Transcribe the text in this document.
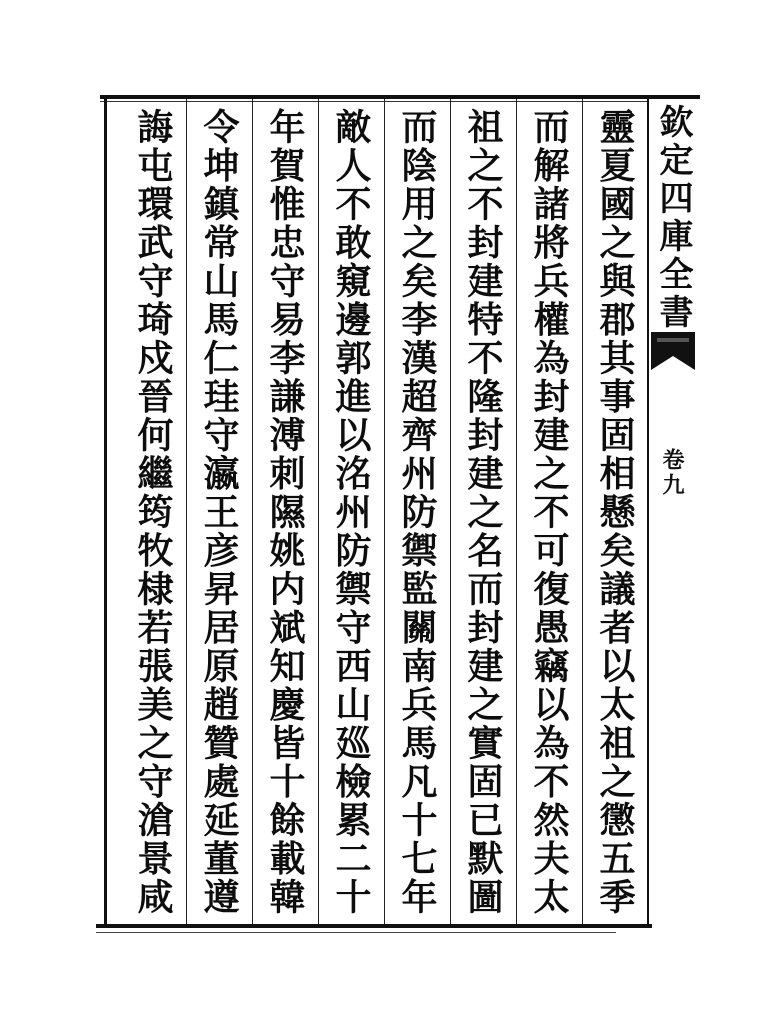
靈夏國之與郡其事固相懸矣議者以太祖之懲五季
而解諸將兵權為封建之不可復愚竊以為不然夫太
祖之不封建特不隆封建之名而封建之實固已默圖
而陰用之矣李漢超齊州防禦監關南兵馬凡十七年
敵人不敢窺邊郭進以洺州防禦守西山廵檢累二十
年賀惟忠守易李謙溥刺隰姚内斌知慶皆十餘載韓
令坤鎮常山馬仁珪守瀛王彦昇居原趙贊處延董遵
誨屯環武守琦戍晉何繼筠牧棣若張美之守滄景咸	欽定四庫全書
卷九
